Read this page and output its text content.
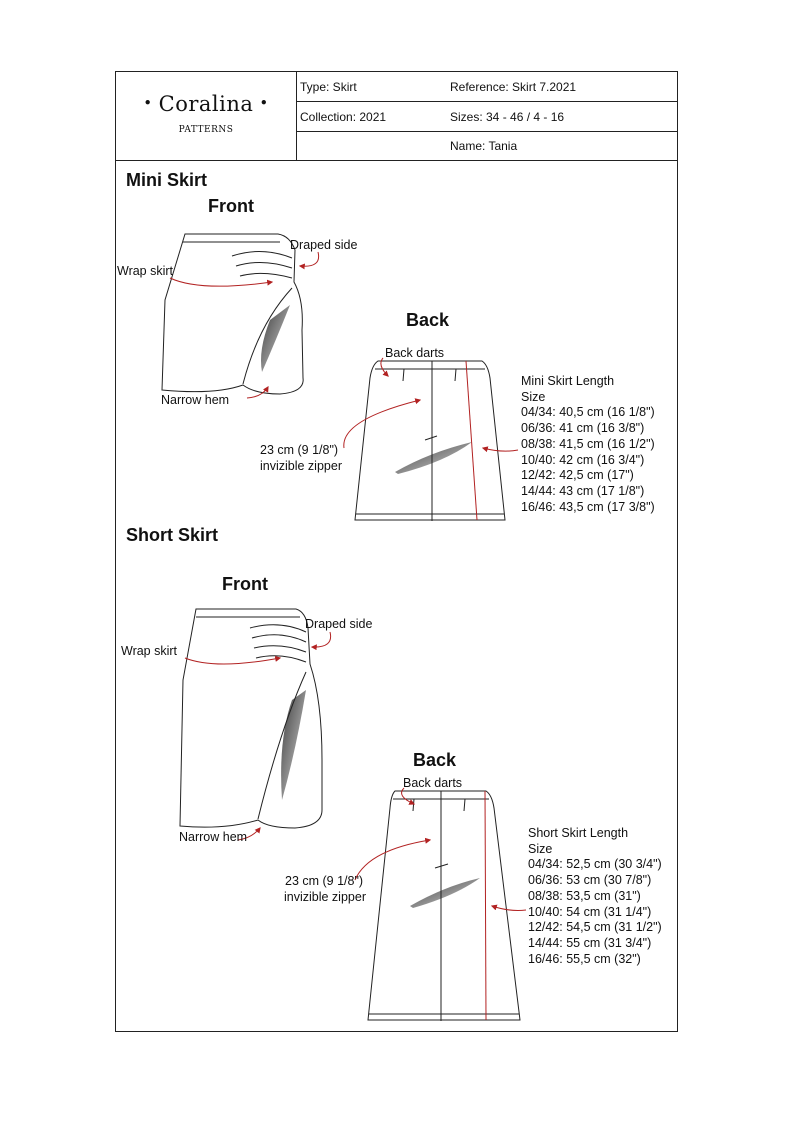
• Coralina •
PATTERNS
Type: Skirt	Reference: Skirt 7.2021
Collection: 2021	Sizes: 34 - 46 / 4 - 16
Name: Tania
Mini Skirt
Front
Draped side
Wrap skirt
Narrow hem
Back
Back darts
23 cm (9 1/8")
invizible zipper
Mini Skirt Length
Size
04/34: 40,5 cm (16 1/8")
06/36: 41 cm (16 3/8")
08/38: 41,5 cm (16 1/2")
10/40: 42 cm (16 3/4")
12/42: 42,5 cm (17")
14/44: 43 cm (17 1/8")
16/46: 43,5 cm (17 3/8")
Short Skirt
Front
Draped side
Wrap skirt
Narrow hem
Back
Back darts
23 cm (9 1/8")
invizible zipper
Short Skirt Length
Size
04/34: 52,5 cm (30 3/4")
06/36: 53 cm (30 7/8")
08/38: 53,5 cm (31")
10/40: 54 cm (31 1/4")
12/42: 54,5 cm (31 1/2")
14/44: 55 cm (31 3/4")
16/46: 55,5 cm (32")
